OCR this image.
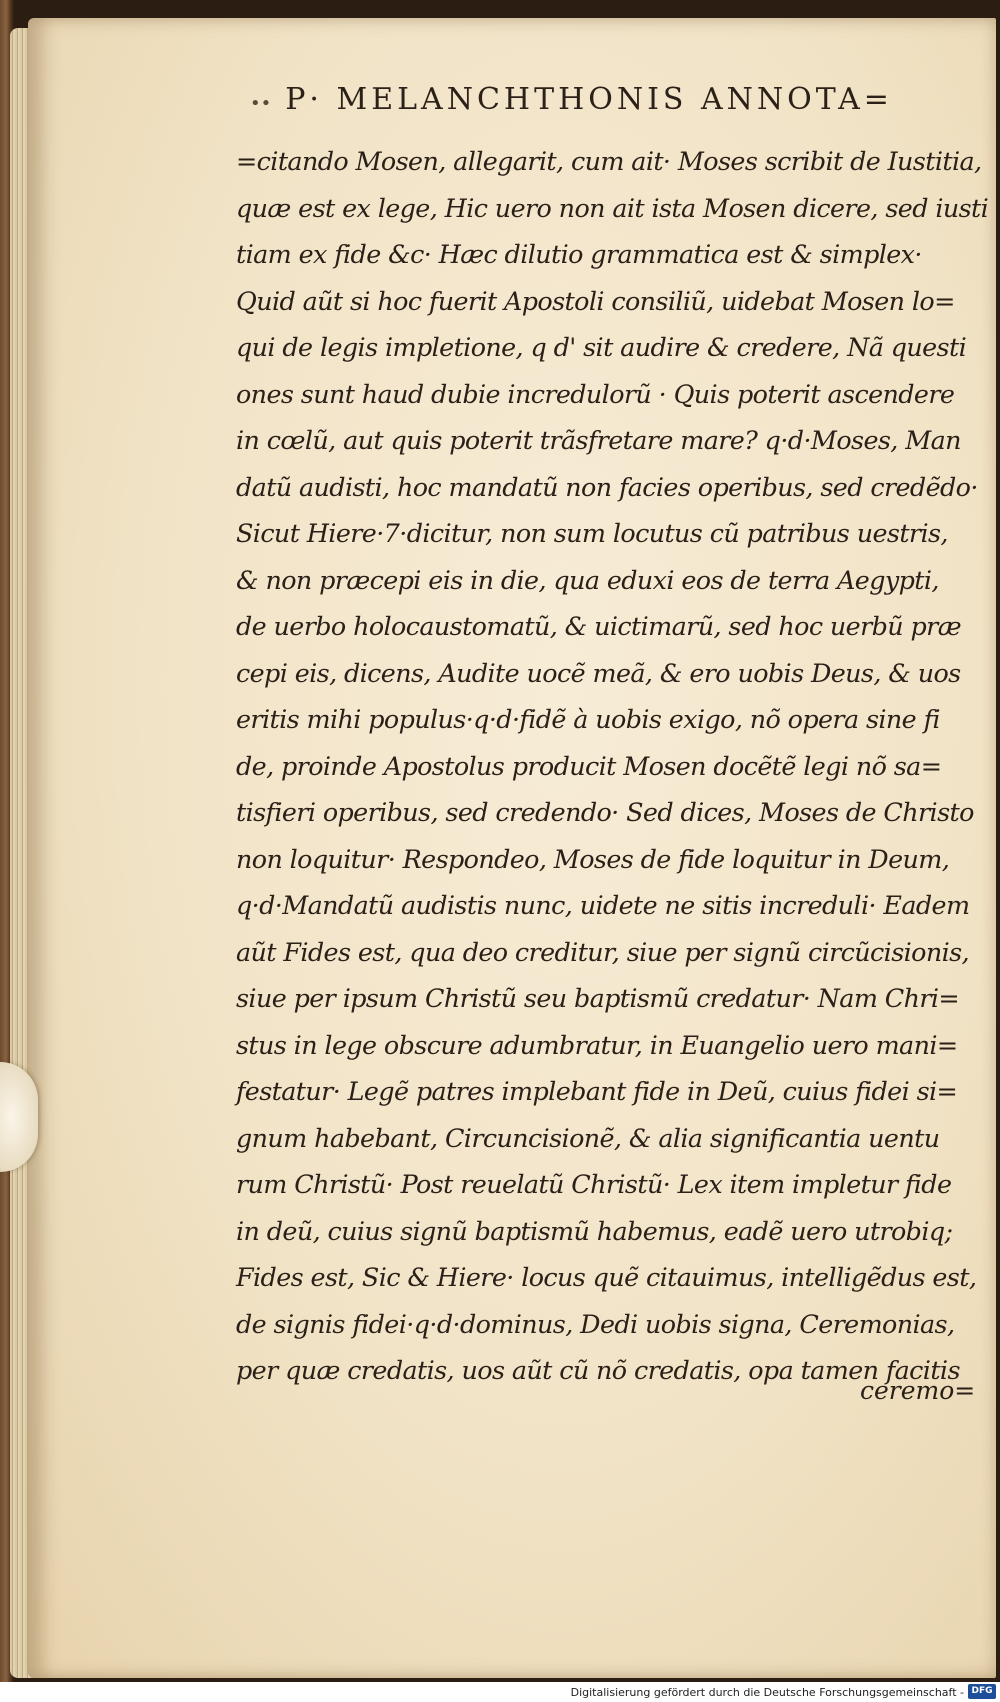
•• P· MELANCHTHONIS ANNOTA=
=citando Mosen, allegarit, cum ait· Moses scribit de Iustitia,
quæ est ex lege, Hic uero non ait ista Mosen dicere, sed iusti
tiam ex fide &c· Hæc dilutio grammatica est & simplex·
Quid aũt si hoc fuerit Apostoli consiliũ, uidebat Mosen lo=
qui de legis impletione, q d' sit audire & credere, Nã questi
ones sunt haud dubie incredulorũ · Quis poterit ascendere
in cœlũ, aut quis poterit trãsfretare mare? q·d·Moses, Man
datũ audisti, hoc mandatũ non facies operibus, sed credẽdo·
Sicut Hiere·7·dicitur, non sum locutus cũ patribus uestris,
& non præcepi eis in die, qua eduxi eos de terra Aegypti,
de uerbo holocaustomatũ, & uictimarũ, sed hoc uerbũ præ
cepi eis, dicens, Audite uocẽ meã, & ero uobis Deus, & uos
eritis mihi populus·q·d·fidẽ à uobis exigo, nõ opera sine fi
de, proinde Apostolus producit Mosen docẽtẽ legi nõ sa=
tisfieri operibus, sed credendo· Sed dices, Moses de Christo
non loquitur· Respondeo, Moses de fide loquitur in Deum,
q·d·Mandatũ audistis nunc, uidete ne sitis increduli· Eadem
aũt Fides est, qua deo creditur, siue per signũ circũcisionis,
siue per ipsum Christũ seu baptismũ credatur· Nam Chri=
stus in lege obscure adumbratur, in Euangelio uero mani=
festatur· Legẽ patres implebant fide in Deũ, cuius fidei si=
gnum habebant, Circuncisionẽ, & alia significantia uentu
rum Christũ· Post reuelatũ Christũ· Lex item impletur fide
in deũ, cuius signũ baptismũ habemus, eadẽ uero utrobiq;
Fides est, Sic & Hiere· locus quẽ citauimus, intelligẽdus est,
de signis fidei·q·d·dominus, Dedi uobis signa, Ceremonias,
per quæ credatis, uos aũt cũ nõ credatis, opa tamen facitis
ceremo=
Digitalisierung gefördert durch die Deutsche Forschungsgemeinschaft - DFG
